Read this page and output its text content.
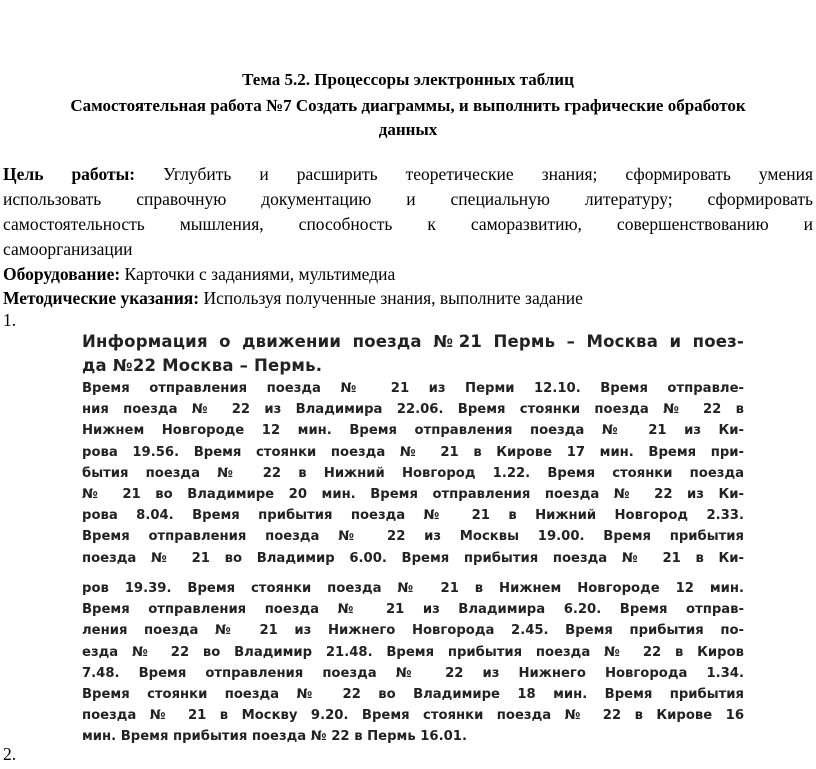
Тема 5.2. Процессоры электронных таблиц
Самостоятельная работа №7 Создать диаграммы, и выполнить графические обработок
данных
Цель работы: Углубить и расширить теоретические знания; сформировать умения
использовать справочную документацию и специальную литературу; сформировать
самостоятельность мышления, способность к саморазвитию, совершенствованию и
самоорганизации
Оборудование: Карточки с заданиями, мультимедиа
Методические указания: Используя полученные знания, выполните задание
1.
Информация о движении поезда №21 Пермь – Москва и поез-
да №22 Москва – Пермь.
Время отправления поезда № 21 из Перми 12.10. Время отправле-
ния поезда № 22 из Владимира 22.06. Время стоянки поезда № 22 в
Нижнем Новгороде 12 мин. Время отправления поезда № 21 из Ки-
рова 19.56. Время стоянки поезда № 21 в Кирове 17 мин. Время при-
бытия поезда № 22 в Нижний Новгород 1.22. Время стоянки поезда
№ 21 во Владимире 20 мин. Время отправления поезда № 22 из Ки-
рова 8.04. Время прибытия поезда № 21 в Нижний Новгород 2.33.
Время отправления поезда № 22 из Москвы 19.00. Время прибытия
поезда № 21 во Владимир 6.00. Время прибытия поезда № 21 в Ки-
ров 19.39. Время стоянки поезда № 21 в Нижнем Новгороде 12 мин.
Время отправления поезда № 21 из Владимира 6.20. Время отправ-
ления поезда № 21 из Нижнего Новгорода 2.45. Время прибытия по-
езда № 22 во Владимир 21.48. Время прибытия поезда № 22 в Киров
7.48. Время отправления поезда № 22 из Нижнего Новгорода 1.34.
Время стоянки поезда № 22 во Владимире 18 мин. Время прибытия
поезда № 21 в Москву 9.20. Время стоянки поезда № 22 в Кирове 16
мин. Время прибытия поезда № 22 в Пермь 16.01.
2.
